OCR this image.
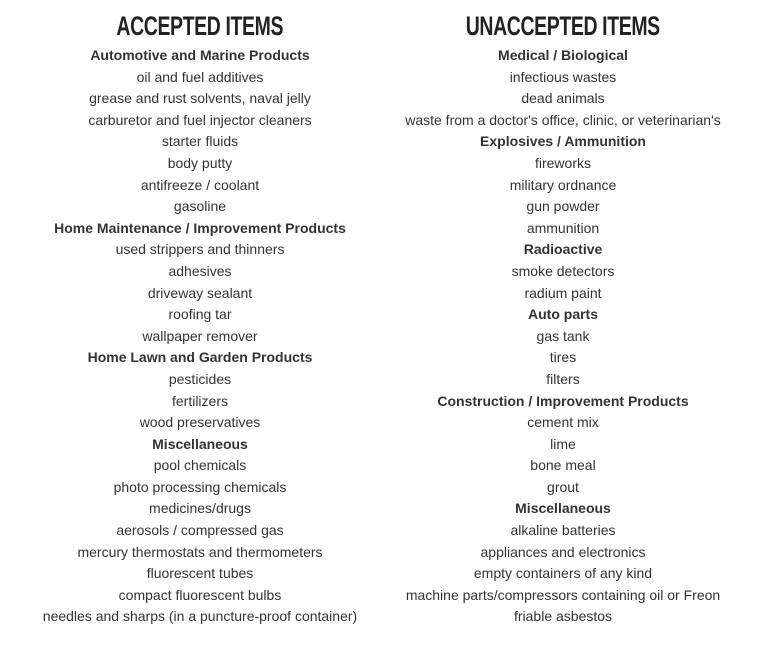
ACCEPTED ITEMS
Automotive and Marine Products
oil and fuel additives
grease and rust solvents, naval jelly
carburetor and fuel injector cleaners
starter fluids
body putty
antifreeze / coolant
gasoline
Home Maintenance / Improvement Products
used strippers and thinners
adhesives
driveway sealant
roofing tar
wallpaper remover
Home Lawn and Garden Products
pesticides
fertilizers
wood preservatives
Miscellaneous
pool chemicals
photo processing chemicals
medicines/drugs
aerosols / compressed gas
mercury thermostats and thermometers
fluorescent tubes
compact fluorescent bulbs
needles and sharps (in a puncture-proof container)
UNACCEPTED ITEMS
Medical / Biological
infectious wastes
dead animals
waste from a doctor's office, clinic, or veterinarian's
Explosives / Ammunition
fireworks
military ordnance
gun powder
ammunition
Radioactive
smoke detectors
radium paint
Auto parts
gas tank
tires
filters
Construction / Improvement Products
cement mix
lime
bone meal
grout
Miscellaneous
alkaline batteries
appliances and electronics
empty containers of any kind
machine parts/compressors containing oil or Freon
friable asbestos
